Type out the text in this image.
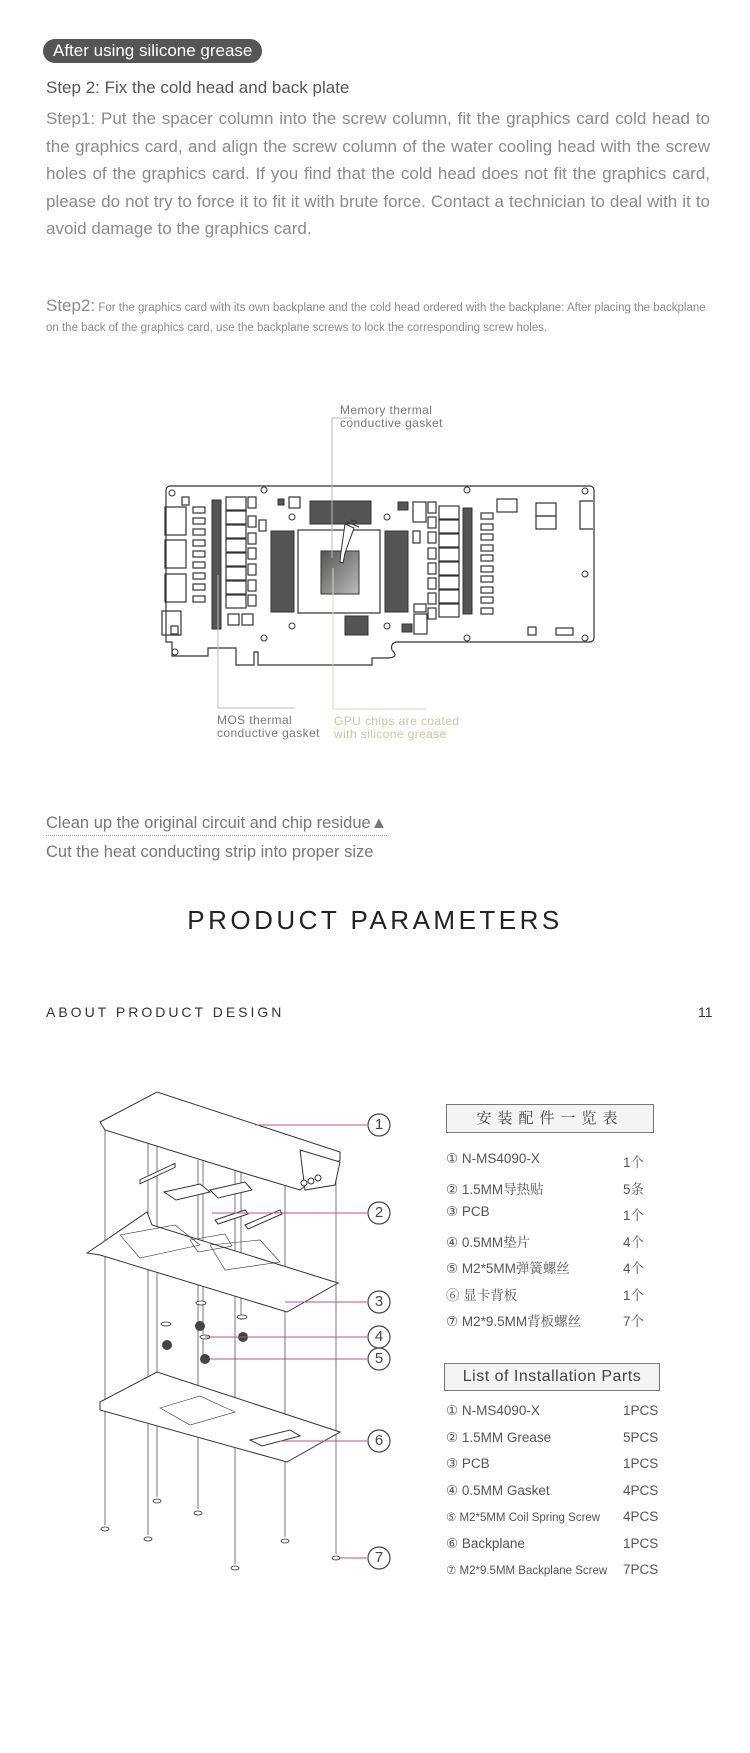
After using silicone grease
Step 2: Fix the cold head and back plate
Step1: Put the spacer column into the screw column, fit the graphics card cold head to the graphics card, and align the screw column of the water cooling head with the screw holes of the graphics card. If you find that the cold head does not fit the graphics card, please do not try to force it to fit it with brute force. Contact a technician to deal with it to avoid damage to the graphics card.
Step2: For the graphics card with its own backplane and the cold head ordered with the backplane: After placing the backplane on the back of the graphics card, use the backplane screws to lock the corresponding screw holes.
Memory thermal
conductive gasket
MOS thermal
conductive gasket
GPU chips are coated
with silicone grease
Clean up the original circuit and chip residue▲
Cut the heat conducting strip into proper size
PRODUCT PARAMETERS
ABOUT PRODUCT DESIGN	11
1
2
3
4
5
6
7
安装配件一览表
① N-MS4090-X	1个
② 1.5MM导热贴	5条
③ PCB	1个
④ 0.5MM垫片	4个
⑤ M2*5MM弹簧螺丝	4个
⑥ 显卡背板	1个
⑦ M2*9.5MM背板螺丝	7个
List of Installation Parts
① N-MS4090-X	1PCS
② 1.5MM Grease	5PCS
③ PCB	1PCS
④ 0.5MM Gasket	4PCS
⑤ M2*5MM Coil Spring Screw 4PCS
⑥ Backplane	1PCS
⑦ M2*9.5MM Backplane Screw 7PCS
